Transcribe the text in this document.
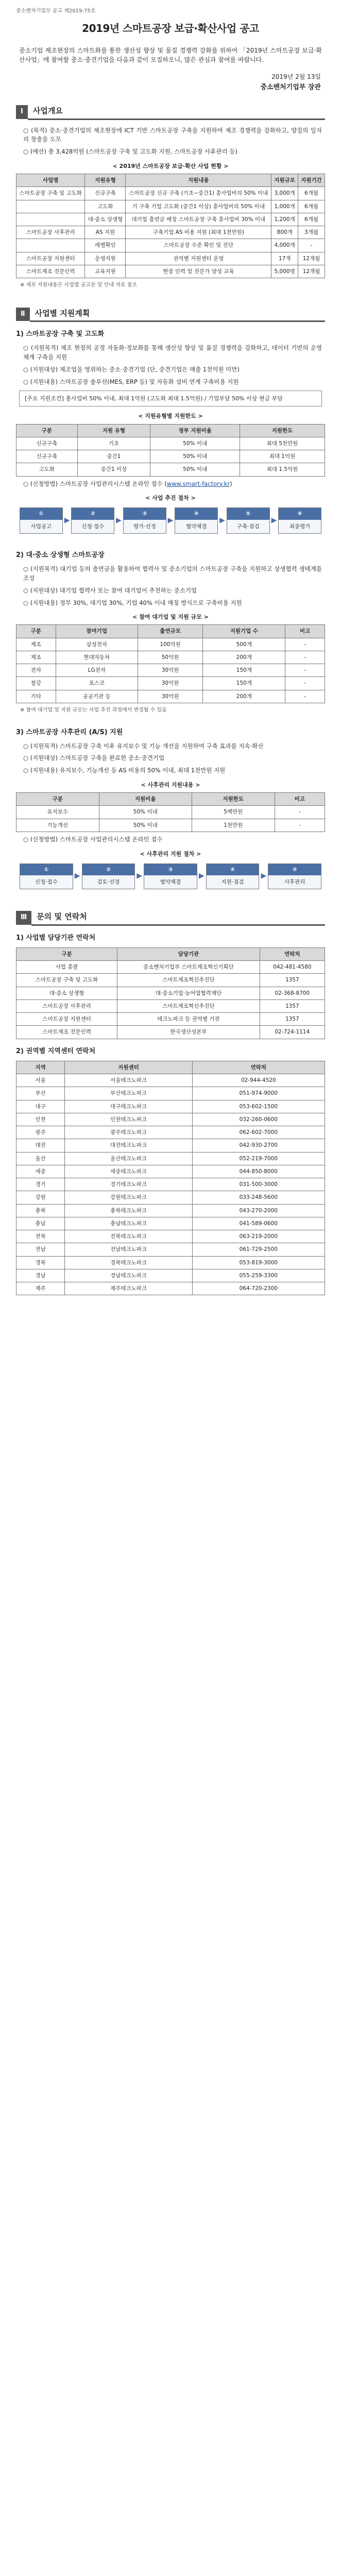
중소벤처기업부 공고 제2019-75호
2019년 스마트공장 보급·확산사업 공고
중소기업 제조현장의 스마트화를 통한 생산성 향상 및 품질 경쟁력 강화를 위하여 「2019년 스마트공장 보급·확산사업」에 참여할 중소·중견기업을 다음과 같이 모집하오니, 많은 관심과 참여를 바랍니다.
2019년 2월 13일
중소벤처기업부 장관
Ⅰ	사업개요
○ (목적) 중소·중견기업의 제조현장에 ICT 기반 스마트공장 구축을 지원하여 제조 경쟁력을 강화하고, 양질의 일자리 창출을 도모
○ (예산) 총 3,428억원 (스마트공장 구축 및 고도화 지원, 스마트공장 사후관리 등)
< 2019년 스마트공장 보급·확산 사업 현황 >
사업명	지원유형	지원내용	지원규모	지원기간
스마트공장 구축 및 고도화	신규구축	스마트공장 신규 구축 (기초~중간1) 총사업비의 50% 이내	3,000개	6개월
	고도화	기 구축 기업 고도화 (중간1 이상) 총사업비의 50% 이내	1,000개	6개월
	대·중소 상생형	대기업 출연금 매칭 스마트공장 구축 총사업비 30% 이내	1,200개	6개월
스마트공장 사후관리	AS 지원	구축기업 AS 비용 지원 (최대 1천만원)	800개	3개월
	레벨확인	스마트공장 수준 확인 및 진단	4,000개	-
스마트공장 지원센터	운영지원	권역별 지원센터 운영	17개	12개월
스마트제조 전문인력	교육지원	현장 인력 및 전문가 양성 교육	5,000명	12개월
※ 세부 지원내용은 사업별 공고문 및 안내 자료 참조
Ⅱ	사업별 지원계획
1) 스마트공장 구축 및 고도화
○ (지원목적) 제조 현장의 공정 자동화·정보화를 통해 생산성 향상 및 품질 경쟁력을 강화하고, 데이터 기반의 운영체계 구축을 지원
○ (지원대상) 제조업을 영위하는 중소·중견기업 (단, 중견기업은 매출 1천억원 미만)
○ (지원내용) 스마트공장 솔루션(MES, ERP 등) 및 자동화 설비 연계 구축비용 지원
[주요 지원조건] 총사업비 50% 이내, 최대 1억원 (고도화 최대 1.5억원) / 기업부담 50% 이상 현금 부담
< 지원유형별 지원한도 >
구분	지원 유형	정부 지원비율	지원한도
신규구축	기초	50% 이내	최대 5천만원
신규구축	중간1	50% 이내	최대 1억원
고도화	중간1 이상	50% 이내	최대 1.5억원
○ (신청방법) 스마트공장 사업관리시스템 온라인 접수 (www.smart-factory.kr)
< 사업 추진 절차 >
①
사업공고
▶
②
신청·접수
▶
③
평가·선정
▶
④
협약체결
▶
⑤
구축·점검
▶
⑥
최종평가
2) 대·중소 상생형 스마트공장
○ (지원목적) 대기업 등의 출연금을 활용하여 협력사 및 중소기업의 스마트공장 구축을 지원하고 상생협력 생태계를 조성
○ (지원대상) 대기업 협력사 또는 참여 대기업이 추천하는 중소기업
○ (지원내용) 정부 30%, 대기업 30%, 기업 40% 이내 매칭 방식으로 구축비용 지원
< 참여 대기업 및 지원 규모 >
구분	참여기업	출연규모	지원기업 수	비고
제조	삼성전자	100억원	500개	-
제조	현대자동차	50억원	200개	-
전자	LG전자	30억원	150개	-
철강	포스코	30억원	150개	-
기타	공공기관 등	30억원	200개	-
※ 참여 대기업 및 지원 규모는 사업 추진 과정에서 변경될 수 있음
3) 스마트공장 사후관리 (A/S) 지원
○ (지원목적) 스마트공장 구축 이후 유지보수 및 기능 개선을 지원하여 구축 효과를 지속·확산
○ (지원대상) 스마트공장 구축을 완료한 중소·중견기업
○ (지원내용) 유지보수, 기능개선 등 AS 비용의 50% 이내, 최대 1천만원 지원
< 사후관리 지원내용 >
구분	지원비율	지원한도	비고
유지보수	50% 이내	5백만원	-
기능개선	50% 이내	1천만원	-
○ (신청방법) 스마트공장 사업관리시스템 온라인 접수
< 사후관리 지원 절차 >
①
신청·접수
▶
②
검토·선정
▶
③
협약체결
▶
④
지원·점검
▶
⑤
사후관리
Ⅲ	문의 및 연락처
1) 사업별 담당기관 연락처
구분	담당기관	연락처
사업 총괄	중소벤처기업부 스마트제조혁신기획단	042-481-4580
스마트공장 구축 및 고도화	스마트제조혁신추진단	1357
대·중소 상생형	대·중소기업·농어업협력재단	02-368-8700
스마트공장 사후관리	스마트제조혁신추진단	1357
스마트공장 지원센터	테크노파크 등 권역별 기관	1357
스마트제조 전문인력	한국생산성본부	02-724-1114
2) 권역별 지역센터 연락처
지역	지원센터	연락처
서울	서울테크노파크	02-944-4520
부산	부산테크노파크	051-974-9000
대구	대구테크노파크	053-602-1500
인천	인천테크노파크	032-260-0600
광주	광주테크노파크	062-602-7000
대전	대전테크노파크	042-930-2700
울산	울산테크노파크	052-219-7000
세종	세종테크노파크	044-850-8000
경기	경기테크노파크	031-500-3000
강원	강원테크노파크	033-248-5600
충북	충북테크노파크	043-270-2000
충남	충남테크노파크	041-589-0600
전북	전북테크노파크	063-219-2000
전남	전남테크노파크	061-729-2500
경북	경북테크노파크	053-819-3000
경남	경남테크노파크	055-259-3300
제주	제주테크노파크	064-720-2300
